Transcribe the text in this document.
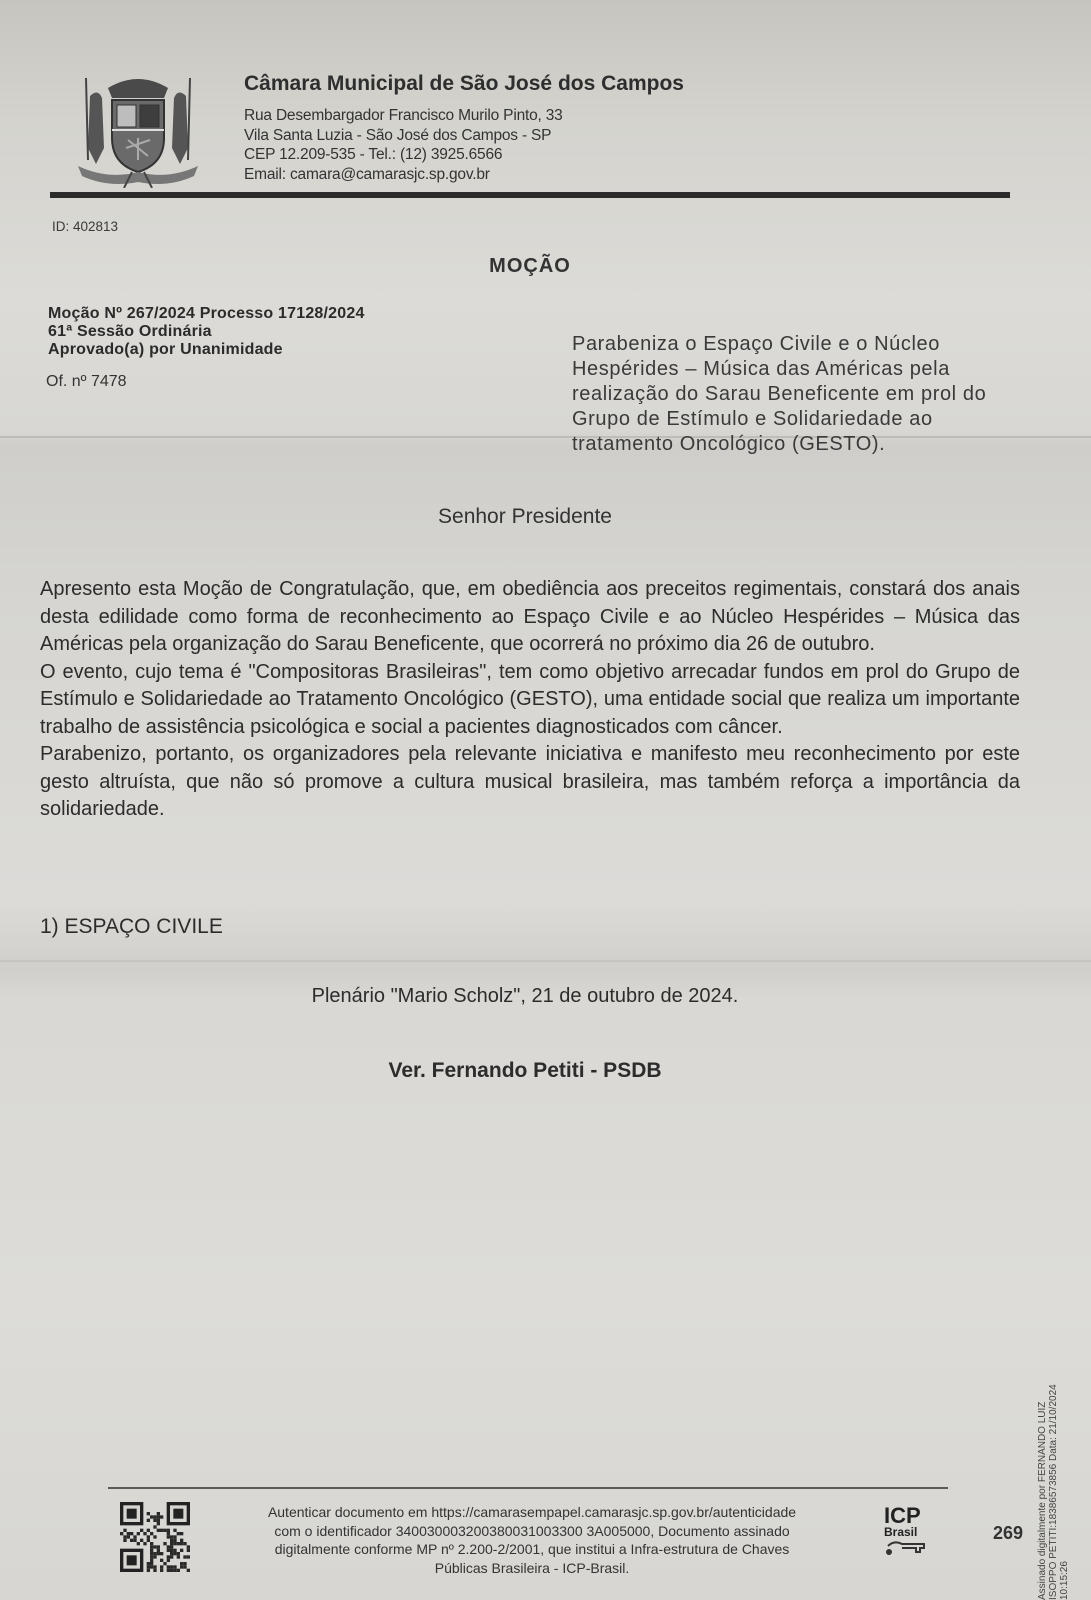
Câmara Municipal de São José dos Campos
Rua Desembargador Francisco Murilo Pinto, 33
Vila Santa Luzia - São José dos Campos - SP
CEP 12.209-535 - Tel.: (12) 3925.6566
Email: camara@camarasjc.sp.gov.br
ID: 402813
MOÇÃO
Moção Nº 267/2024 Processo 17128/2024
61ª Sessão Ordinária
Aprovado(a) por Unanimidade
Of. nº 7478
Parabeniza o Espaço Civile e o Núcleo Hespérides – Música das Américas pela realização do Sarau Beneficente em prol do Grupo de Estímulo e Solidariedade ao tratamento Oncológico (GESTO).
Senhor Presidente

Apresento esta Moção de Congratulação, que, em obediência aos preceitos regimentais, constará dos anais desta edilidade como forma de reconhecimento ao Espaço Civile e ao Núcleo Hespérides – Música das Américas pela organização do Sarau Beneficente, que ocorrerá no próximo dia 26 de outubro.

O evento, cujo tema é "Compositoras Brasileiras", tem como objetivo arrecadar fundos em prol do Grupo de Estímulo e Solidariedade ao Tratamento Oncológico (GESTO), uma entidade social que realiza um importante trabalho de assistência psicológica e social a pacientes diagnosticados com câncer.

Parabenizo, portanto, os organizadores pela relevante iniciativa e manifesto meu reconhecimento por este gesto altruísta, que não só promove a cultura musical brasileira, mas também reforça a importância da solidariedade.

1) ESPAÇO CIVILE
Plenário "Mario Scholz", 21 de outubro de 2024.
Ver. Fernando Petiti - PSDB
Autenticar documento em https://camarasempapel.camarasjc.sp.gov.br/autenticidade
com o identificador 340030003200380031003300 3A005000, Documento assinado
digitalmente conforme MP nº 2.200-2/2001, que institui a Infra-estrutura de Chaves
Públicas Brasileira - ICP-Brasil.
ICP
Brasil	269 Assinado digitalmente por FERNANDO LUIZ ISOPPO PETITI:18386573856 Data: 21/10/2024 10:15:26
